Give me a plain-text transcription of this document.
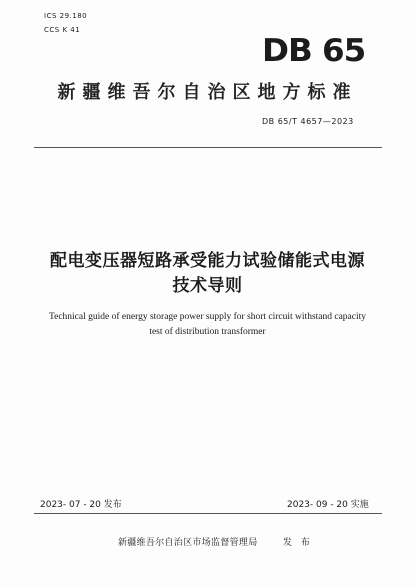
ICS 29.180
CCS K 41
DB 65
新疆维吾尔自治区地方标准
DB 65/T 4657—2023
配电变压器短路承受能力试验储能式电源
技术导则
Technical guide of energy storage power supply for short circuit withstand capacity
test of distribution transformer
2023- 07 - 20 发布	2023- 09 - 20 实施
新疆维吾尔自治区市场监督管理局	发 布
